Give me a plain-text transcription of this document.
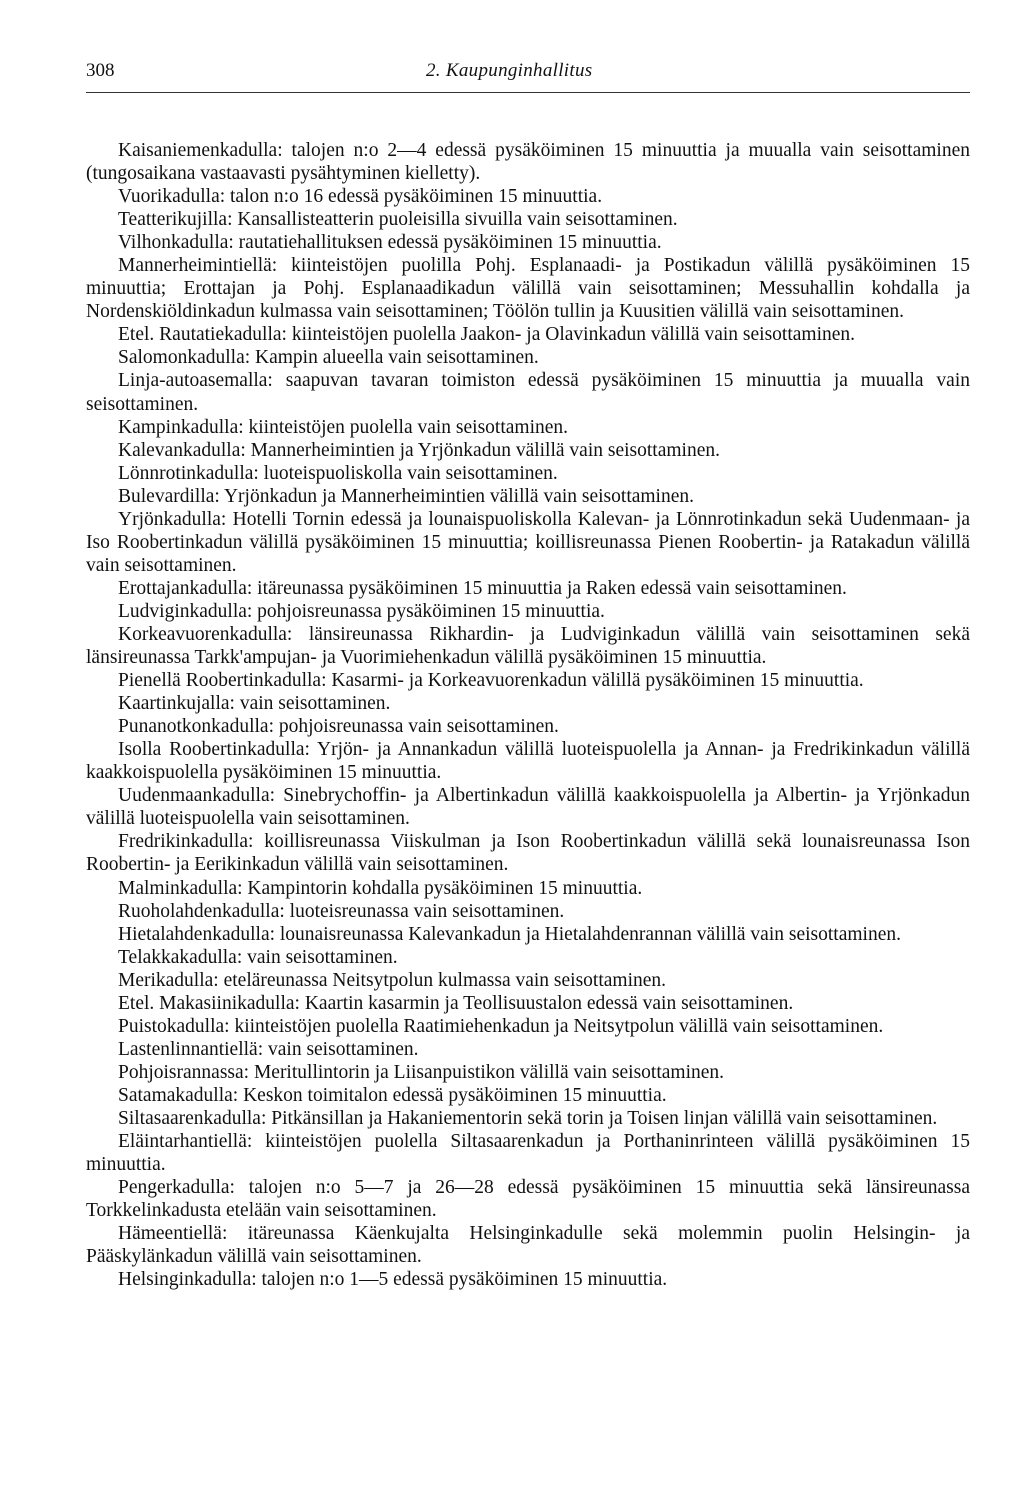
308	2. Kaupunginhallitus

Kaisaniemenkadulla: talojen n:o 2—4 edessä pysäköiminen 15 minuuttia ja muualla vain seisottaminen (tungosaikana vastaavasti pysähtyminen kielletty).

Vuorikadulla: talon n:o 16 edessä pysäköiminen 15 minuuttia.

Teatterikujilla: Kansallisteatterin puoleisilla sivuilla vain seisottaminen.

Vilhonkadulla: rautatiehallituksen edessä pysäköiminen 15 minuuttia.

Mannerheimintiellä: kiinteistöjen puolilla Pohj. Esplanaadi- ja Postikadun välillä pysäköiminen 15 minuuttia; Erottajan ja Pohj. Esplanaadikadun välillä vain seisottaminen; Messuhallin kohdalla ja Nordenskiöldinkadun kulmassa vain seisottaminen; Töölön tullin ja Kuusitien välillä vain seisottaminen.

Etel. Rautatiekadulla: kiinteistöjen puolella Jaakon- ja Olavinkadun välillä vain seisottaminen.

Salomonkadulla: Kampin alueella vain seisottaminen.

Linja-autoasemalla: saapuvan tavaran toimiston edessä pysäköiminen 15 minuuttia ja muualla vain seisottaminen.

Kampinkadulla: kiinteistöjen puolella vain seisottaminen.

Kalevankadulla: Mannerheimintien ja Yrjönkadun välillä vain seisottaminen.

Lönnrotinkadulla: luoteispuoliskolla vain seisottaminen.

Bulevardilla: Yrjönkadun ja Mannerheimintien välillä vain seisottaminen.

Yrjönkadulla: Hotelli Tornin edessä ja lounaispuoliskolla Kalevan- ja Lönnrotinkadun sekä Uudenmaan- ja Iso Roobertinkadun välillä pysäköiminen 15 minuuttia; koillisreunassa Pienen Roobertin- ja Ratakadun välillä vain seisottaminen.

Erottajankadulla: itäreunassa pysäköiminen 15 minuuttia ja Raken edessä vain seisottaminen.

Ludviginkadulla: pohjoisreunassa pysäköiminen 15 minuuttia.

Korkeavuorenkadulla: länsireunassa Rikhardin- ja Ludviginkadun välillä vain seisottaminen sekä länsireunassa Tarkk'ampujan- ja Vuorimiehenkadun välillä pysäköiminen 15 minuuttia.

Pienellä Roobertinkadulla: Kasarmi- ja Korkeavuorenkadun välillä pysäköiminen 15 minuuttia.

Kaartinkujalla: vain seisottaminen.

Punanotkonkadulla: pohjoisreunassa vain seisottaminen.

Isolla Roobertinkadulla: Yrjön- ja Annankadun välillä luoteispuolella ja Annan- ja Fredrikinkadun välillä kaakkoispuolella pysäköiminen 15 minuuttia.

Uudenmaankadulla: Sinebrychoffin- ja Albertinkadun välillä kaakkoispuolella ja Albertin- ja Yrjönkadun välillä luoteispuolella vain seisottaminen.

Fredrikinkadulla: koillisreunassa Viiskulman ja Ison Roobertinkadun välillä sekä lounaisreunassa Ison Roobertin- ja Eerikinkadun välillä vain seisottaminen.

Malminkadulla: Kampintorin kohdalla pysäköiminen 15 minuuttia.

Ruoholahdenkadulla: luoteisreunassa vain seisottaminen.

Hietalahdenkadulla: lounaisreunassa Kalevankadun ja Hietalahdenrannan välillä vain seisottaminen.

Telakkakadulla: vain seisottaminen.

Merikadulla: eteläreunassa Neitsytpolun kulmassa vain seisottaminen.

Etel. Makasiinikadulla: Kaartin kasarmin ja Teollisuustalon edessä vain seisottaminen.

Puistokadulla: kiinteistöjen puolella Raatimiehenkadun ja Neitsytpolun välillä vain seisottaminen.

Lastenlinnantiellä: vain seisottaminen.

Pohjoisrannassa: Meritullintorin ja Liisanpuistikon välillä vain seisottaminen.

Satamakadulla: Keskon toimitalon edessä pysäköiminen 15 minuuttia.

Siltasaarenkadulla: Pitkänsillan ja Hakaniementorin sekä torin ja Toisen linjan välillä vain seisottaminen.

Eläintarhantiellä: kiinteistöjen puolella Siltasaarenkadun ja Porthaninrinteen välillä pysäköiminen 15 minuuttia.

Pengerkadulla: talojen n:o 5—7 ja 26—28 edessä pysäköiminen 15 minuuttia sekä länsireunassa Torkkelinkadusta etelään vain seisottaminen.

Hämeentiellä: itäreunassa Käenkujalta Helsinginkadulle sekä molemmin puolin Helsingin- ja Pääskylänkadun välillä vain seisottaminen.

Helsinginkadulla: talojen n:o 1—5 edessä pysäköiminen 15 minuuttia.
